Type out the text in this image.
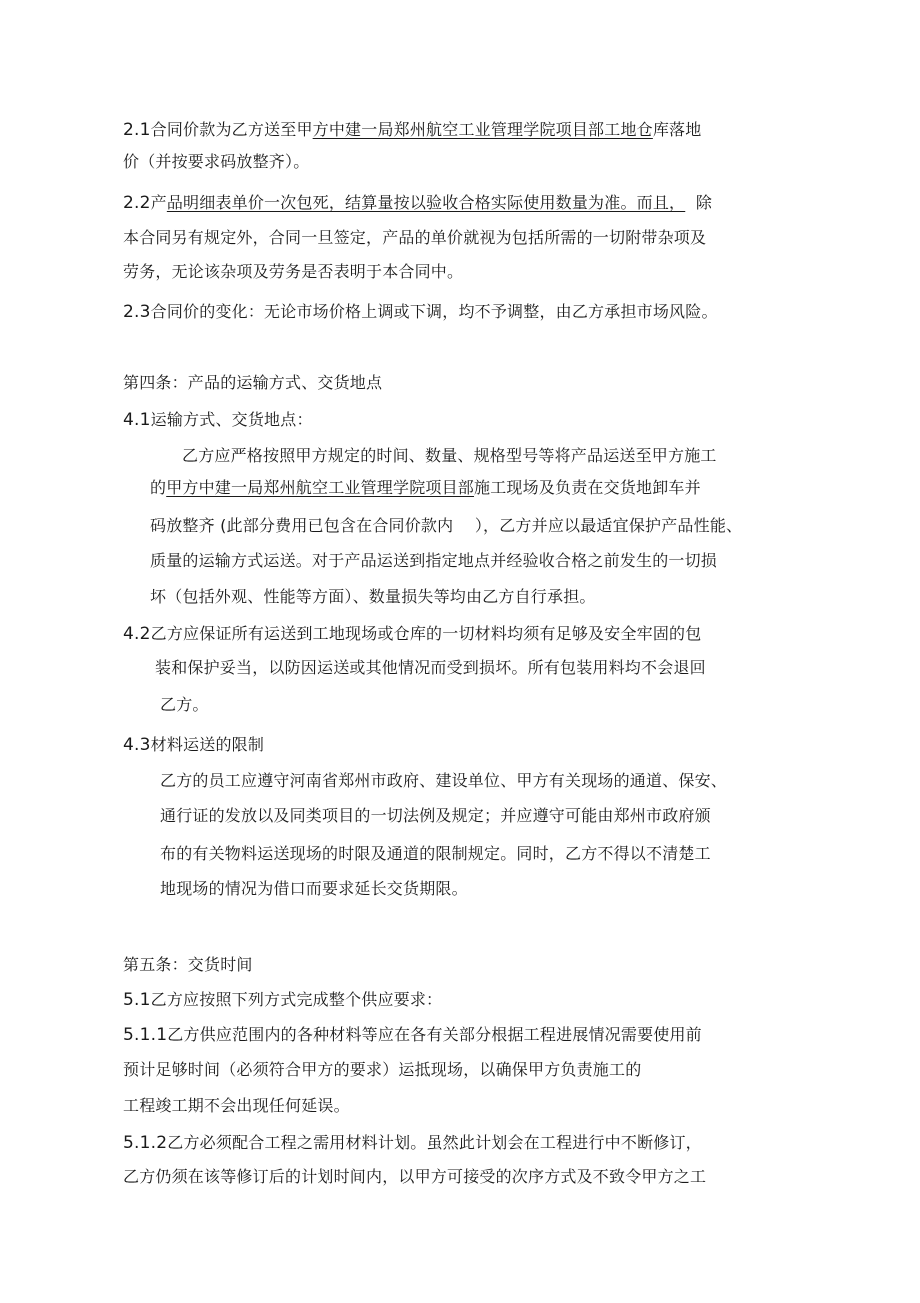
2.1合同价款为乙方送至甲方中建一局郑州航空工业管理学院项目部工地仓库落地
价（并按要求码放整齐）。
2.2产品明细表单价一次包死，结算量按以验收合格实际使用数量为准。而且， 除
本合同另有规定外，合同一旦签定，产品的单价就视为包括所需的一切附带杂项及
劳务，无论该杂项及劳务是否表明于本合同中。
2.3合同价的变化：无论市场价格上调或下调，均不予调整，由乙方承担市场风险。
第四条：产品的运输方式、交货地点
4.1运输方式、交货地点：
乙方应严格按照甲方规定的时间、数量、规格型号等将产品运送至甲方施工
的甲方中建一局郑州航空工业管理学院项目部施工现场及负责在交货地卸车并
码放整齐 (此部分费用已包含在合同价款内　 ），乙方并应以最适宜保护产品性能、
质量的运输方式运送。对于产品运送到指定地点并经验收合格之前发生的一切损
坏（包括外观、性能等方面）、数量损失等均由乙方自行承担。
4.2乙方应保证所有运送到工地现场或仓库的一切材料均须有足够及安全牢固的包
装和保护妥当，以防因运送或其他情况而受到损坏。所有包装用料均不会退回
乙方。
4.3材料运送的限制
乙方的员工应遵守河南省郑州市政府、建设单位、甲方有关现场的通道、保安、
通行证的发放以及同类项目的一切法例及规定；并应遵守可能由郑州市政府颁
布的有关物料运送现场的时限及通道的限制规定。同时，乙方不得以不清楚工
地现场的情况为借口而要求延长交货期限。
第五条：交货时间
5.1乙方应按照下列方式完成整个供应要求：
5.1.1乙方供应范围内的各种材料等应在各有关部分根据工程进展情况需要使用前
预计足够时间（必须符合甲方的要求）运抵现场，以确保甲方负责施工的
工程竣工期不会出现任何延误。
5.1.2乙方必须配合工程之需用材料计划。虽然此计划会在工程进行中不断修订，
乙方仍须在该等修订后的计划时间内，以甲方可接受的次序方式及不致令甲方之工
